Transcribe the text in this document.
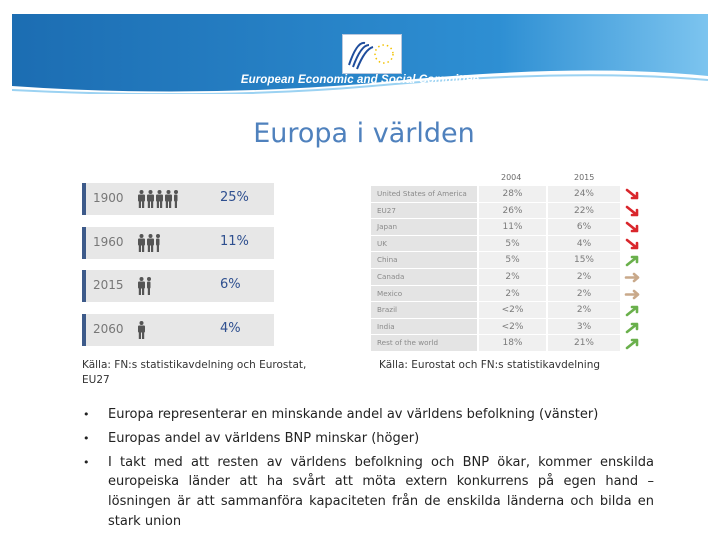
European Economic and Social Committee
Europa i världen
1900	25%
1960	11%
2015	6%
2060	4%
Källa: FN:s statistikavdelning och Eurostat, EU27
2004	2015
United States of America	28%	24%
EU27	26%	22%
Japan	11%	6%
UK	5%	4%
China	5%	15%
Canada	2%	2%
Mexico	2%	2%
Brazil	<2%	2%
India	<2%	3%
Rest of the world	18%	21%
Källa: Eurostat och FN:s statistikavdelning
• Europa representerar en minskande andel av världens befolkning (vänster)
• Europas andel av världens BNP minskar (höger)
• I takt med att resten av världens befolkning och BNP ökar, kommer enskilda europeiska länder att ha svårt att möta extern konkurrens på egen hand – lösningen är att sammanföra kapaciteten från de enskilda länderna och bilda en stark union
